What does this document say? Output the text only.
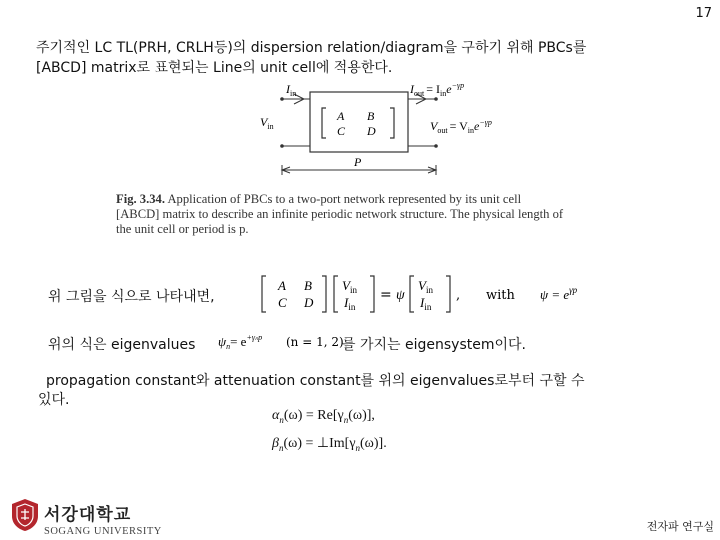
17
주기적인 LC TL(PRH, CRLH등)의 dispersion relation/diagram을 구하기 위해 PBCs를
[ABCD] matrix로 표현되는 Line의 unit cell에 적용한다.
A B
C D
$I_{in}$	$I_{out} = I_{in}e^{-\gamma p}$
$V_{in}$	$V_{out} = V_{in}e^{-\gamma p}$
P
Fig. 3.34. Application of PBCs to a two-port network represented by its unit cell
[ABCD] matrix to describe an infinite periodic network structure. The physical length of
the unit cell or period is p.
위 그림을 식으로 나타내면,
A B
C D
$V_{in}$
$I_{in}$
= ψ
$V_{in}$
$I_{in}$
, with $\psi = e^{\gamma p}$
위의 식은 eigenvalues $\psi_n= e^{+\gamma_np}$ (n = 1, 2)
를 가지는 eigensystem이다.
propagation constant와 attenuation constant를 위의 eigenvalues로부터 구할 수
있다.
$\alpha_n(\omega) = Re[\gamma_n(\omega)]$,
$\beta_n(\omega)$ = $\perp Im[\gamma_n(\omega)]$.
서강대학교
SOGANG UNIVERSITY	전자파 연구실
